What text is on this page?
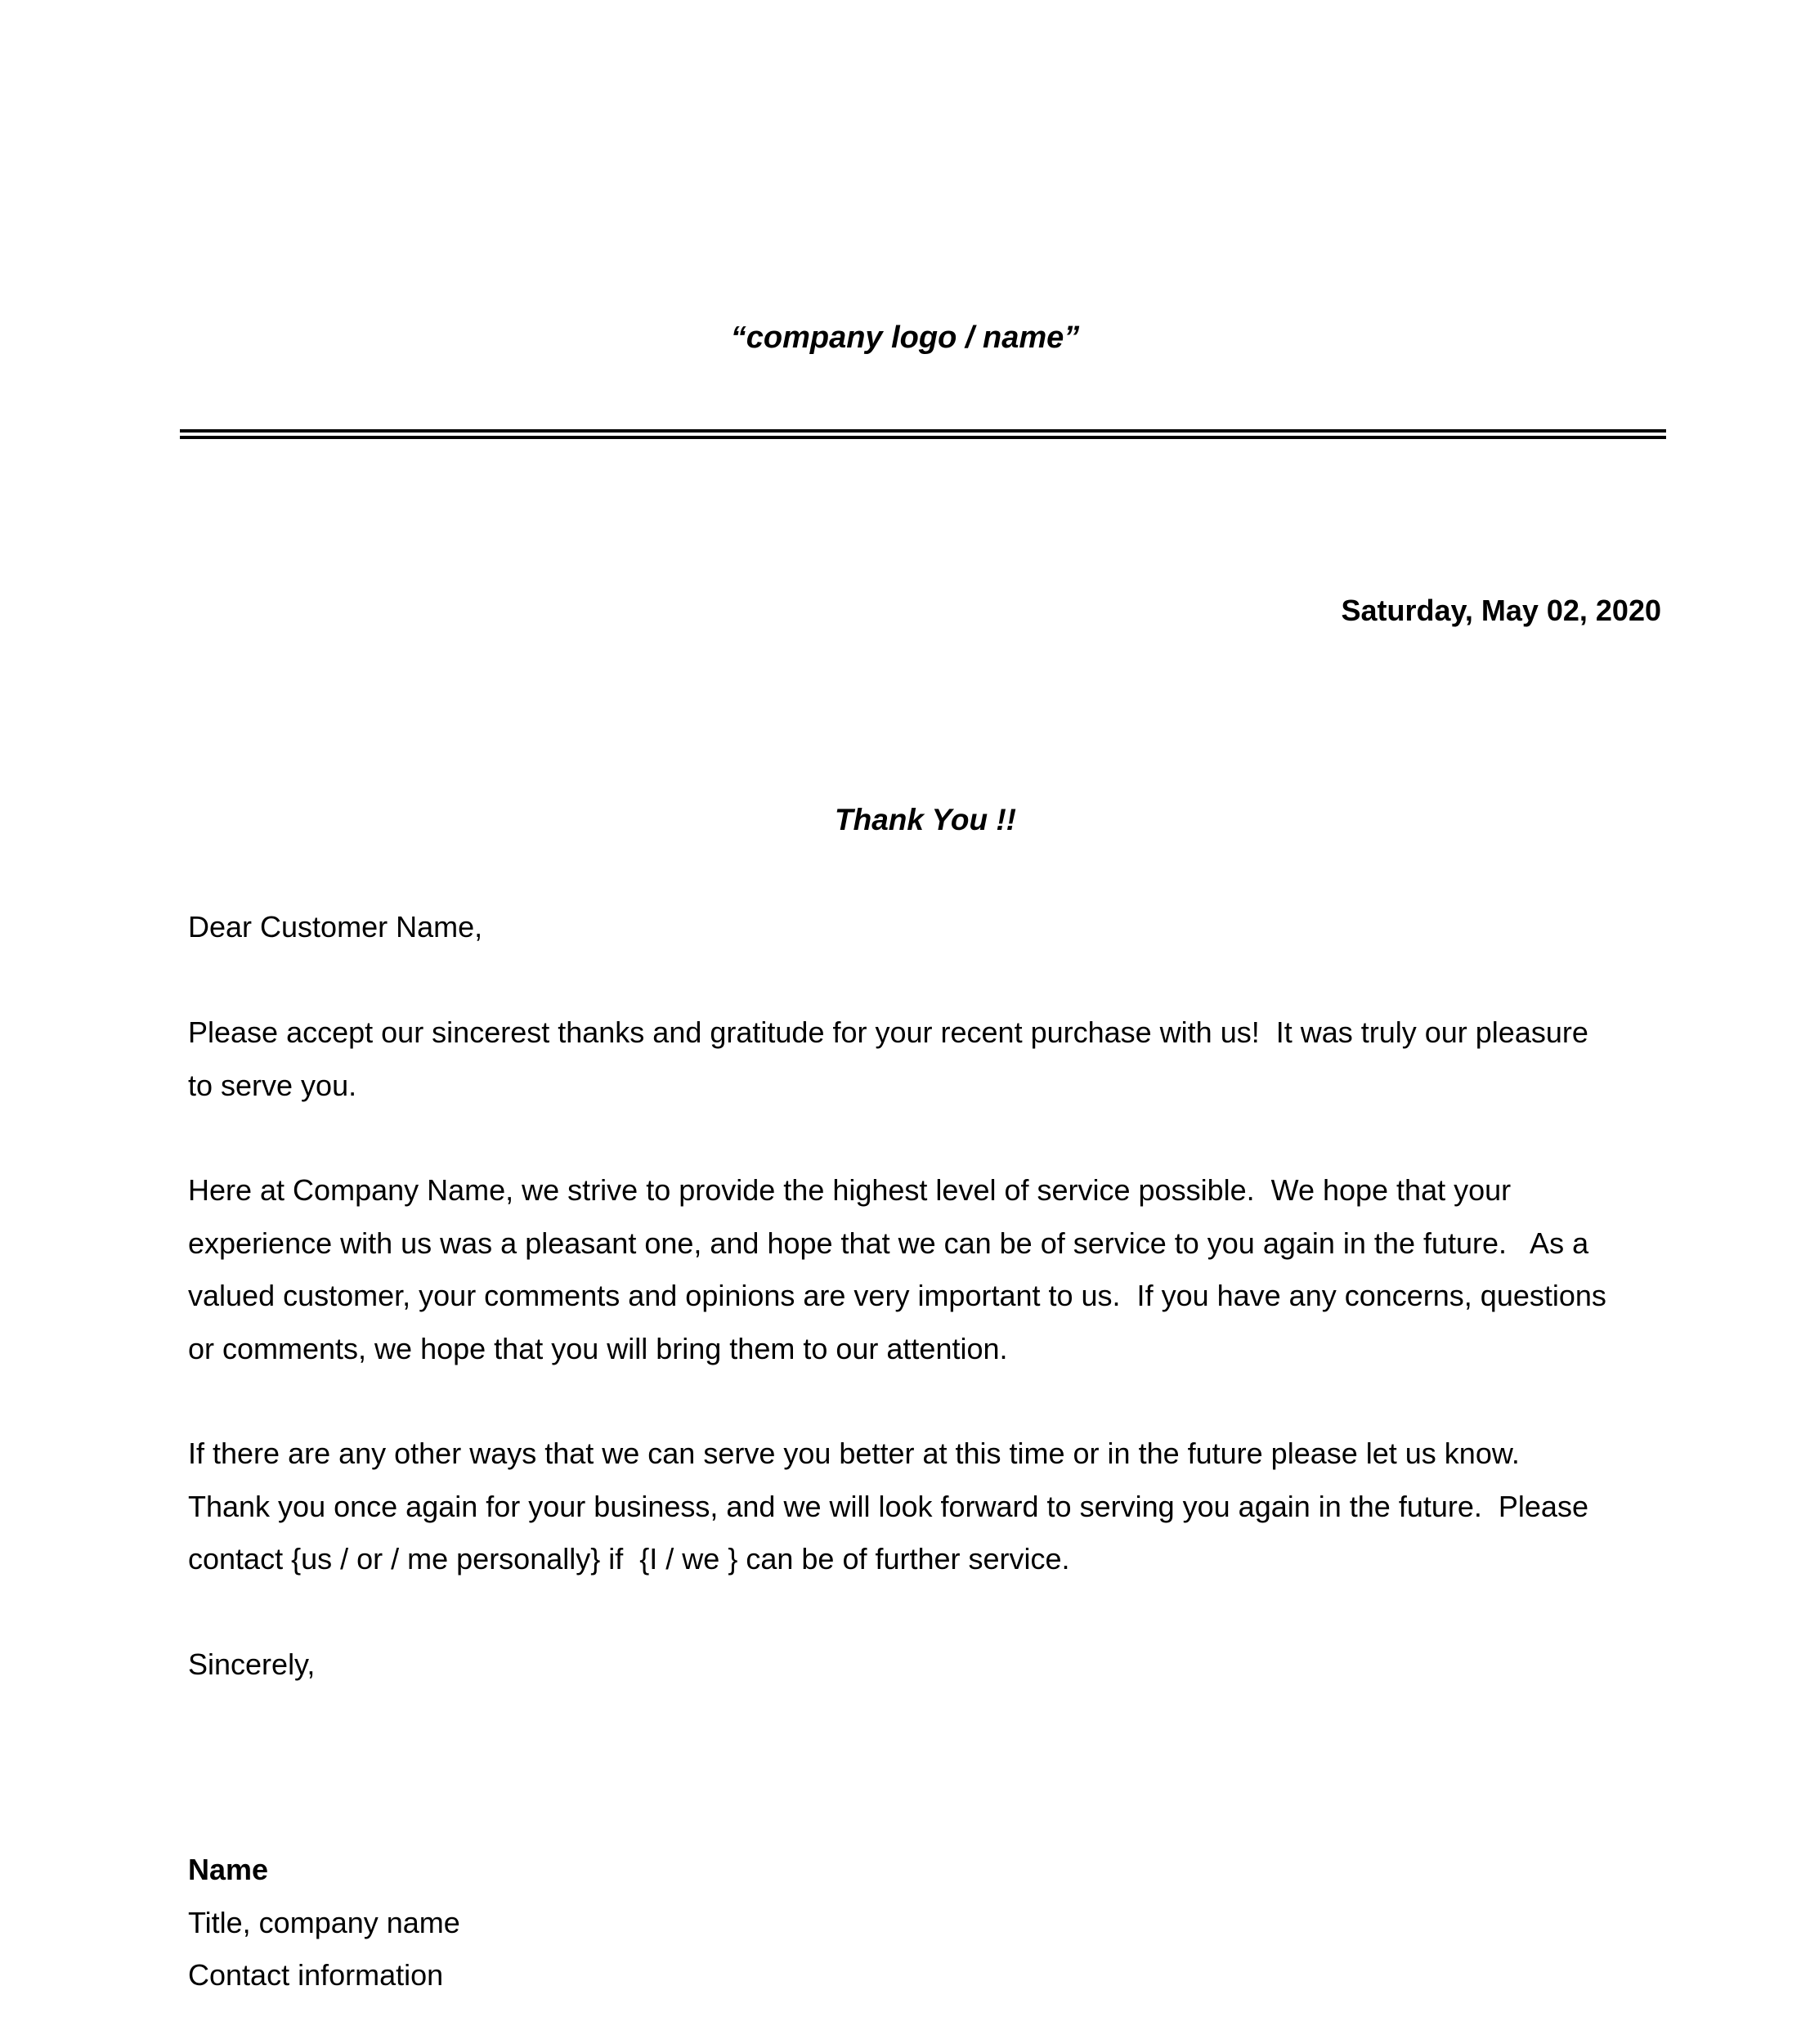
“company logo / name”
Saturday, May 02, 2020
Thank You !!
Dear Customer Name,
Please accept our sincerest thanks and gratitude for your recent purchase with us!  It was truly our pleasure
to serve you.
Here at Company Name, we strive to provide the highest level of service possible.  We hope that your
experience with us was a pleasant one, and hope that we can be of service to you again in the future.   As a
valued customer, your comments and opinions are very important to us.  If you have any concerns, questions
or comments, we hope that you will bring them to our attention.
If there are any other ways that we can serve you better at this time or in the future please let us know.
Thank you once again for your business, and we will look forward to serving you again in the future.  Please
contact {us / or / me personally} if  {I / we } can be of further service.
Sincerely,
Name
Title, company name
Contact information
